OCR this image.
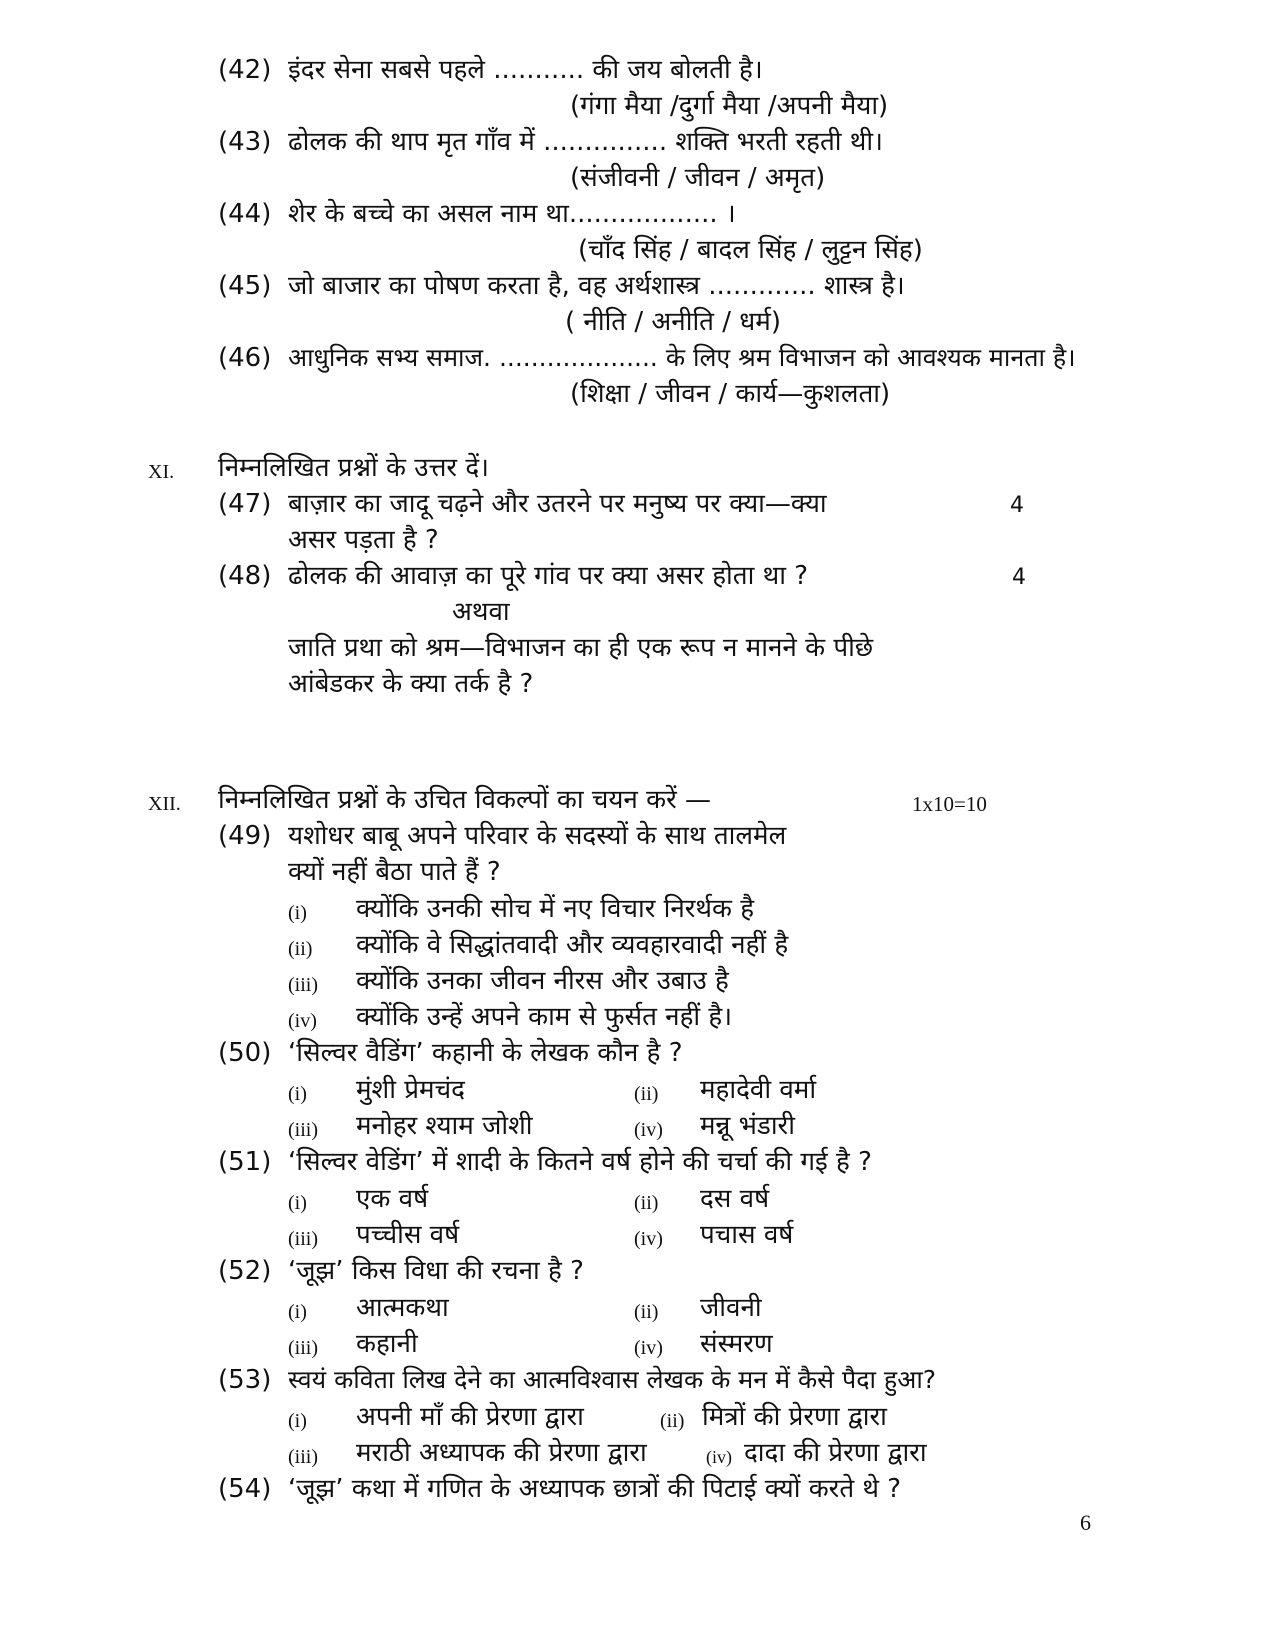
(42) इंदर सेना सबसे पहले ........... की जय बोलती है।
(गंगा मैया /दुर्गा मैया /अपनी मैया)
(43) ढोलक की थाप मृत गाँव में ............... शक्ति भरती रहती थी।
(संजीवनी / जीवन / अमृत)
(44) शेर के बच्चे का असल नाम था.................. ।
(चाँद सिंह / बादल सिंह / लुट्टन सिंह)
(45) जो बाजार का पोषण करता है, वह अर्थशास्त्र ............. शास्त्र है।
( नीति / अनीति / धर्म)
(46) आधुनिक सभ्य समाज. .................... के लिए श्रम विभाजन को आवश्यक मानता है।
(शिक्षा / जीवन / कार्य—कुशलता)
XI. निम्नलिखित प्रश्नों के उत्तर दें।
(47) बाज़ार का जादू चढ़ने और उतरने पर मनुष्य पर क्या—क्या	4
असर पड़ता है ?
(48) ढोलक की आवाज़ का पूरे गांव पर क्या असर होता था ?	4
अथवा
जाति प्रथा को श्रम—विभाजन का ही एक रूप न मानने के पीछे
आंबेडकर के क्या तर्क है ?
XII. निम्नलिखित प्रश्नों के उचित विकल्पों का चयन करें —	1x10=10
(49) यशोधर बाबू अपने परिवार के सदस्यों के साथ तालमेल
क्यों नहीं बैठा पाते हैं ?
(i) क्योंकि उनकी सोच में नए विचार निरर्थक है
(ii) क्योंकि वे सिद्धांतवादी और व्यवहारवादी नहीं है
(iii) क्योंकि उनका जीवन नीरस और उबाउ है
(iv) क्योंकि उन्हें अपने काम से फुर्सत नहीं है।
(50) ‘सिल्वर वैडिंग’ कहानी के लेखक कौन है ?
(i) मुंशी प्रेमचंद	(ii) महादेवी वर्मा
(iii) मनोहर श्याम जोशी	(iv) मन्नू भंडारी
(51) ‘सिल्वर वेडिंग’ में शादी के कितने वर्ष होने की चर्चा की गई है ?
(i) एक वर्ष	(ii) दस वर्ष
(iii) पच्चीस वर्ष	(iv) पचास वर्ष
(52) ‘जूझ’ किस विधा की रचना है ?
(i) आत्मकथा	(ii) जीवनी
(iii) कहानी	(iv) संस्मरण
(53) स्वयं कविता लिख देने का आत्मविश्वास लेखक के मन में कैसे पैदा हुआ?
(i) अपनी माँ की प्रेरणा द्वारा	(ii) मित्रों की प्रेरणा द्वारा
(iii) मराठी अध्यापक की प्रेरणा द्वारा	(iv) दादा की प्रेरणा द्वारा
(54) ‘जूझ’ कथा में गणित के अध्यापक छात्रों की पिटाई क्यों करते थे ?
6
